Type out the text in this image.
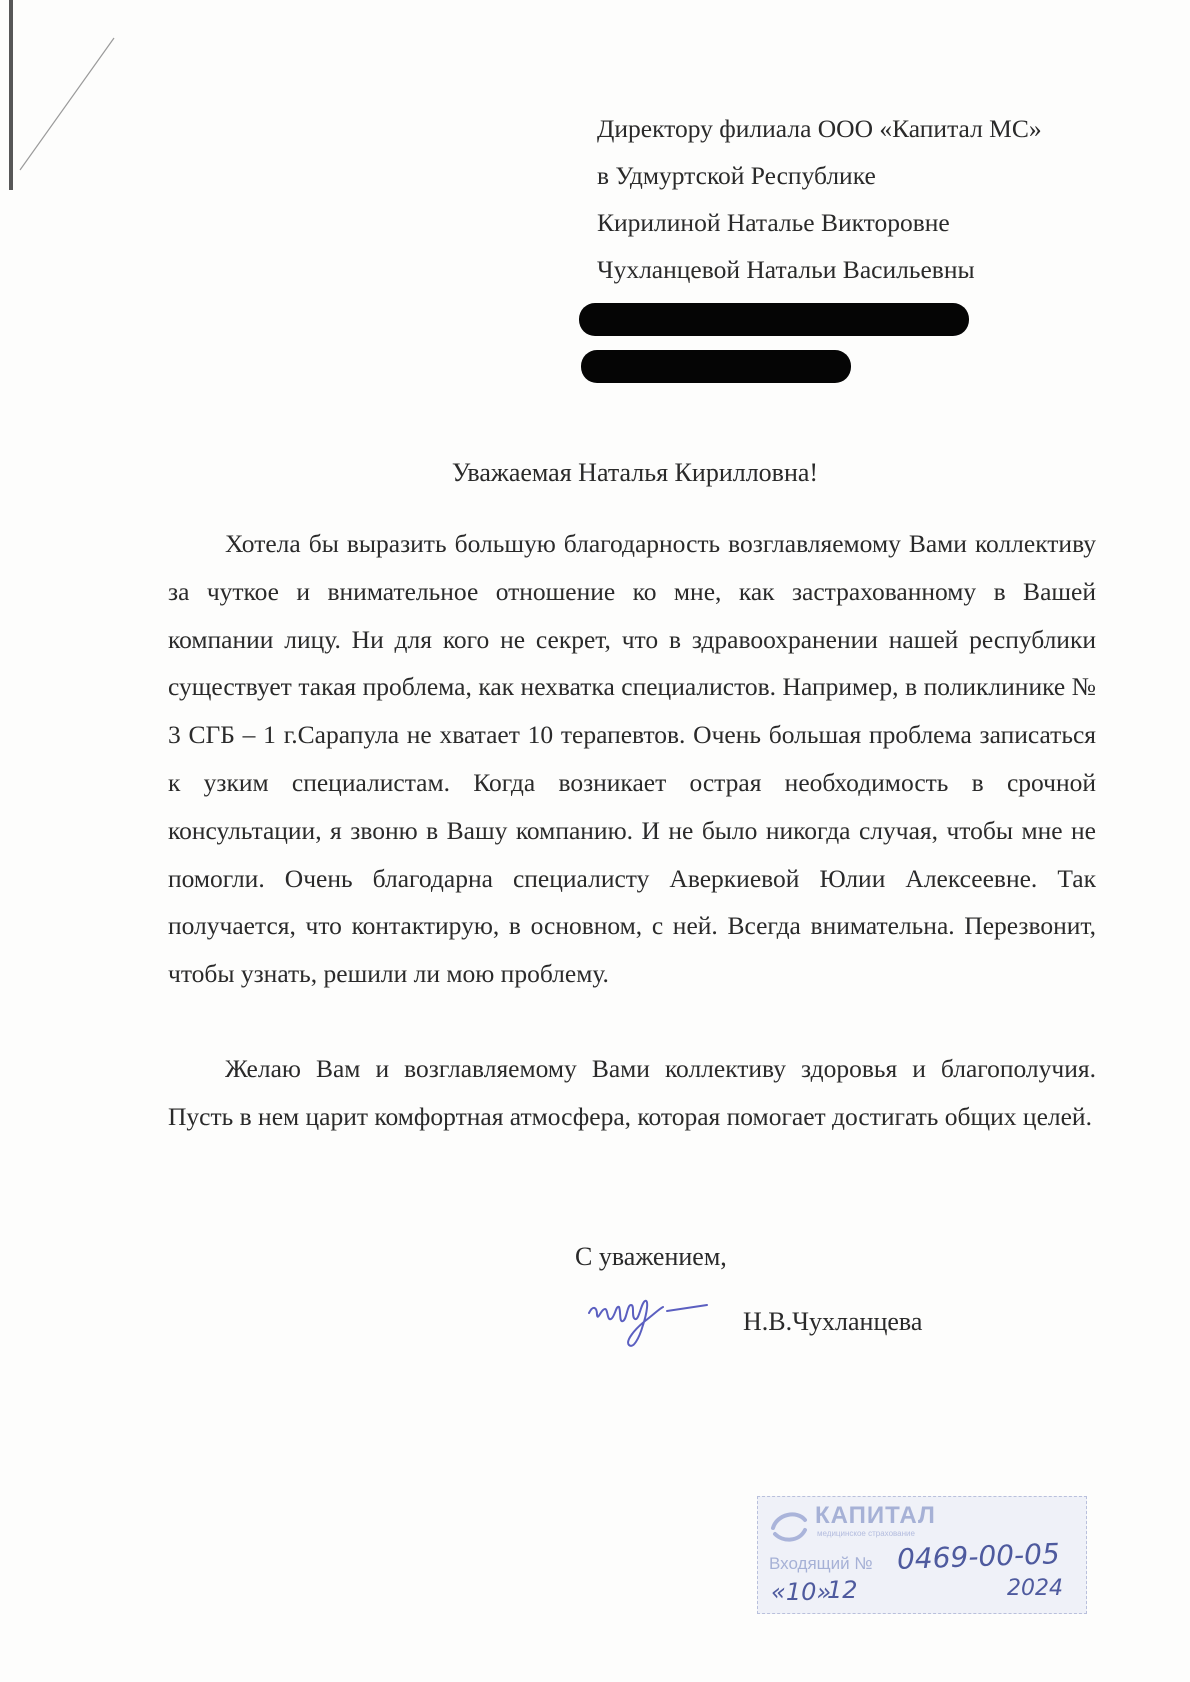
Директору филиала ООО «Капитал МС»
в Удмуртской Республике
Кирилиной Наталье Викторовне
Чухланцевой Натальи Васильевны
Уважаемая Наталья Кирилловна!

Хотела бы выразить большую благодарность возглавляемому Вами коллективу за чуткое и внимательное отношение ко мне, как застрахованному в Вашей компании лицу. Ни для кого не секрет, что в здравоохранении нашей республики существует такая проблема, как нехватка специалистов. Например, в поликлинике № 3 СГБ – 1 г.Сарапула не хватает 10 терапевтов. Очень большая проблема записаться к узким специалистам. Когда возникает острая необходимость в срочной консультации, я звоню в Вашу компанию. И не было никогда случая, чтобы мне не помогли. Очень благодарна специалисту Аверкиевой Юлии Алексеевне. Так получается, что контактирую, в основном, с ней. Всегда внимательна. Перезвонит, чтобы узнать, решили ли мою проблему.

Желаю Вам и возглавляемому Вами коллективу здоровья и благополучия. Пусть в нем царит комфортная атмосфера, которая помогает достигать общих целей.

С уважением,
Н.В.Чухланцева
КАПИТАЛ
медицинское страхование
Входящий № 0469-00-05
«10»
12	2024
